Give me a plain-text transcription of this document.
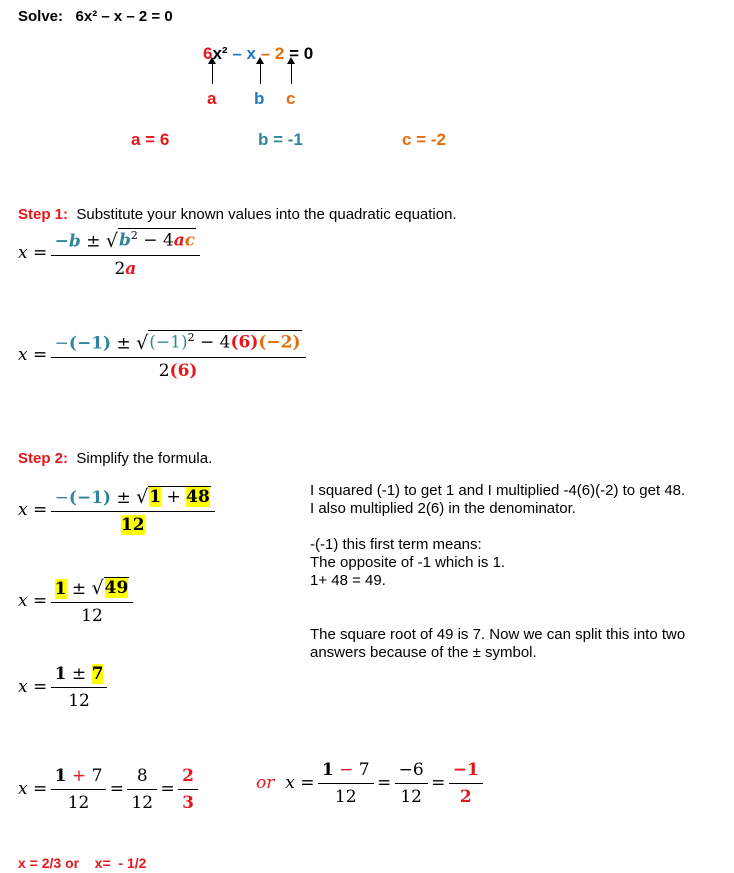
Solve: 6x² – x – 2 = 0
6x² – x – 2 = 0
a b c
a = 6	b = -1	c = -2
Step 1: Substitute your known values into the quadratic equation.
$x = \frac{-b \pm √ b^2 - 4ac}{2a}$
$x = \frac{-(-1) \pm √ (-1)^2 - 4(6)(-2)}{2(6)}$
Step 2: Simplify the formula.
$x = \frac{-(-1) \pm √ 1 + 48}{12}$	I squared (-1) to get 1 and I multiplied -4(6)(-2) to get 48.
I also multiplied 2(6) in the denominator.
-(-1) this first term means:
The opposite of -1 which is 1.
1+ 48 = 49.
The square root of 49 is 7. Now we can split this into two
answers because of the ± symbol.
$x = \frac{1 \pm √ 49}{12}$
$x = \frac{1 \pm 7}{12}$
$x = \frac{1 + 7}{12} = \frac{8}{12} = \frac{2}{3}$	or $x = \frac{1 - 7}{12} = \frac{-6}{12} = \frac{-1}{2}$
x = 2/3 or    x=  - 1/2
